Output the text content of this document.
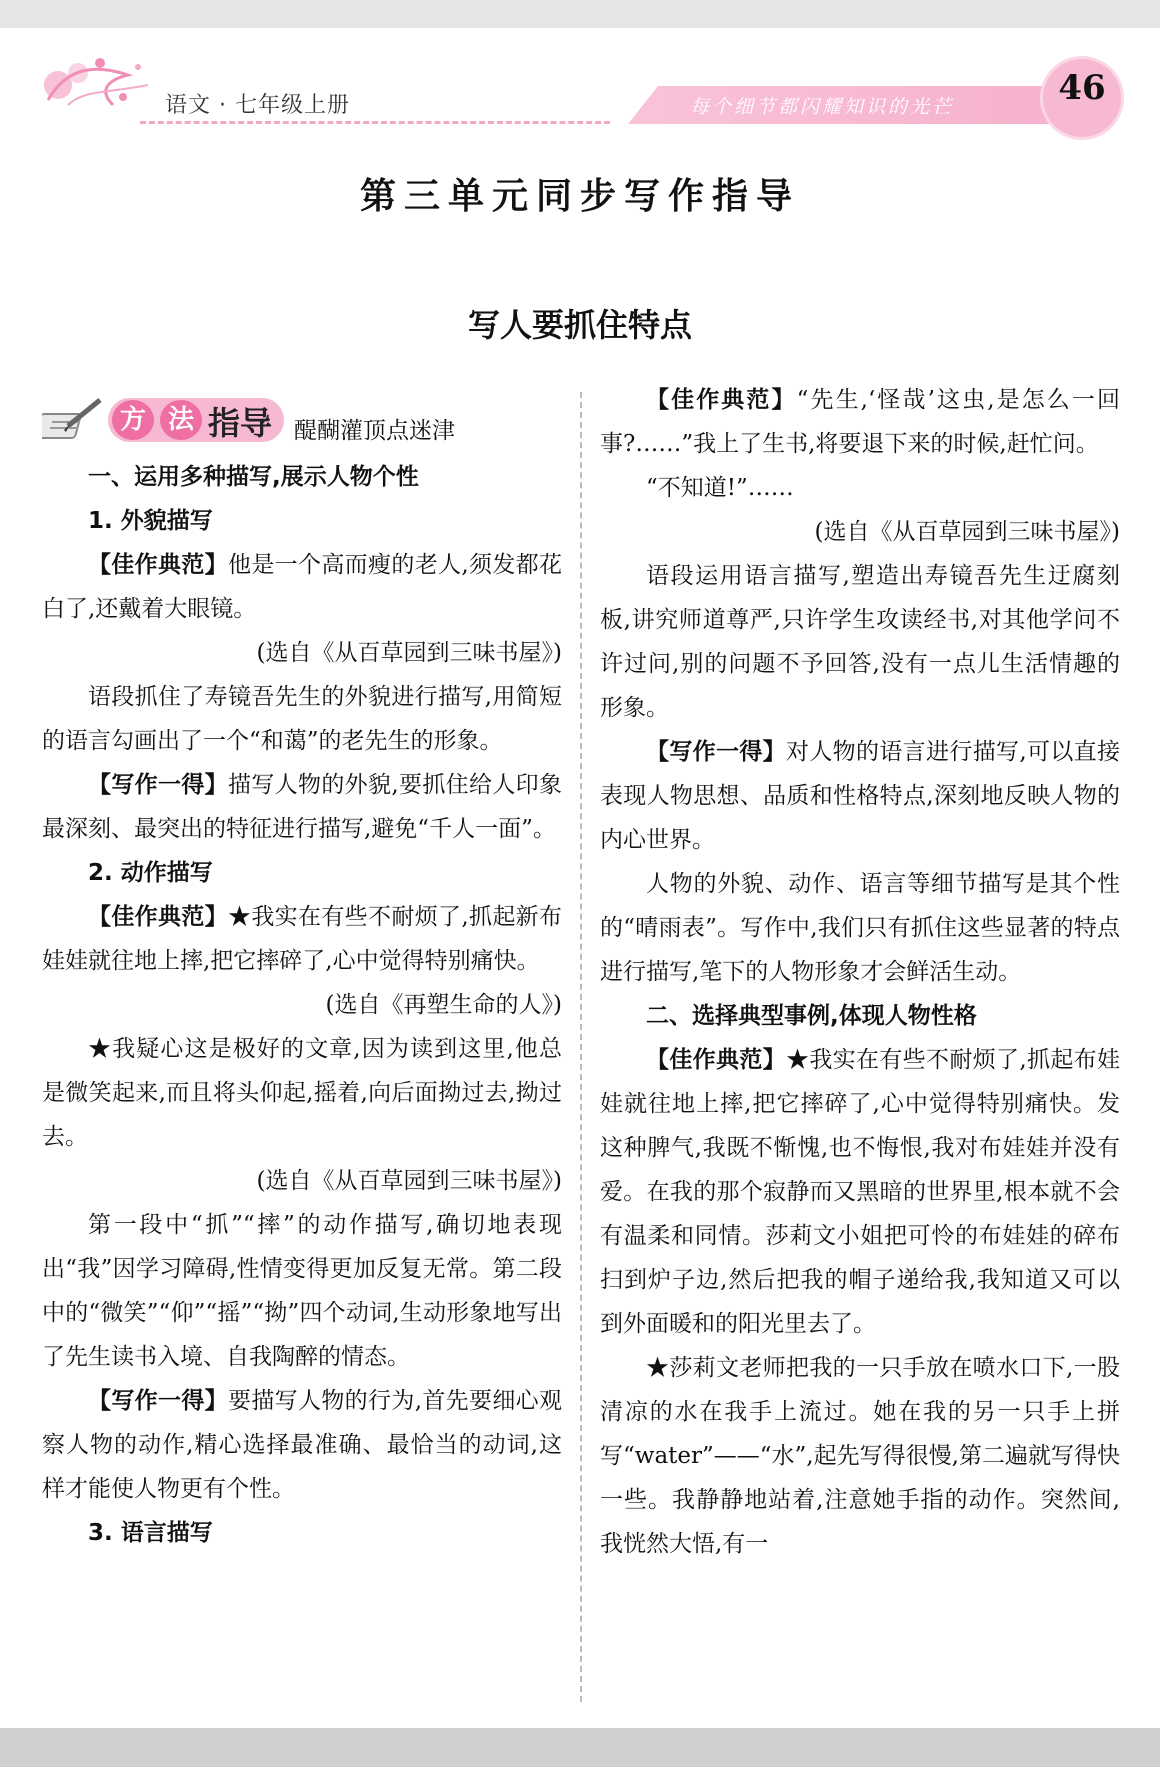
语文 · 七年级上册	每个细节都闪耀知识的光芒	46
第三单元同步写作指导
写人要抓住特点
方 法 指导 醍醐灌顶点迷津

一、运用多种描写,展示人物个性

1. 外貌描写

【佳作典范】他是一个高而瘦的老人,须发都花白了,还戴着大眼镜。

(选自《从百草园到三味书屋》)

语段抓住了寿镜吾先生的外貌进行描写,用简短的语言勾画出了一个“和蔼”的老先生的形象。

【写作一得】描写人物的外貌,要抓住给人印象最深刻、最突出的特征进行描写,避免“千人一面”。

2. 动作描写

【佳作典范】★我实在有些不耐烦了,抓起新布娃娃就往地上摔,把它摔碎了,心中觉得特别痛快。

(选自《再塑生命的人》)

★我疑心这是极好的文章,因为读到这里,他总是微笑起来,而且将头仰起,摇着,向后面拗过去,拗过去。

(选自《从百草园到三味书屋》)

第一段中“抓”“摔”的动作描写,确切地表现出“我”因学习障碍,性情变得更加反复无常。第二段中的“微笑”“仰”“摇”“拗”四个动词,生动形象地写出了先生读书入境、自我陶醉的情态。

【写作一得】要描写人物的行为,首先要细心观察人物的动作,精心选择最准确、最恰当的动词,这样才能使人物更有个性。

3. 语言描写

【佳作典范】“先生,‘怪哉’这虫,是怎么一回事?……”我上了生书,将要退下来的时候,赶忙问。

“不知道!”……

(选自《从百草园到三味书屋》)

语段运用语言描写,塑造出寿镜吾先生迂腐刻板,讲究师道尊严,只许学生攻读经书,对其他学问不许过问,别的问题不予回答,没有一点儿生活情趣的形象。

【写作一得】对人物的语言进行描写,可以直接表现人物思想、品质和性格特点,深刻地反映人物的内心世界。

人物的外貌、动作、语言等细节描写是其个性的“晴雨表”。写作中,我们只有抓住这些显著的特点进行描写,笔下的人物形象才会鲜活生动。

二、选择典型事例,体现人物性格

【佳作典范】★我实在有些不耐烦了,抓起布娃娃就往地上摔,把它摔碎了,心中觉得特别痛快。发这种脾气,我既不惭愧,也不悔恨,我对布娃娃并没有爱。在我的那个寂静而又黑暗的世界里,根本就不会有温柔和同情。莎莉文小姐把可怜的布娃娃的碎布扫到炉子边,然后把我的帽子递给我,我知道又可以到外面暖和的阳光里去了。

★莎莉文老师把我的一只手放在喷水口下,一股清凉的水在我手上流过。她在我的另一只手上拼写“water”——“水”,起先写得很慢,第二遍就写得快一些。我静静地站着,注意她手指的动作。突然间,我恍然大悟,有一
